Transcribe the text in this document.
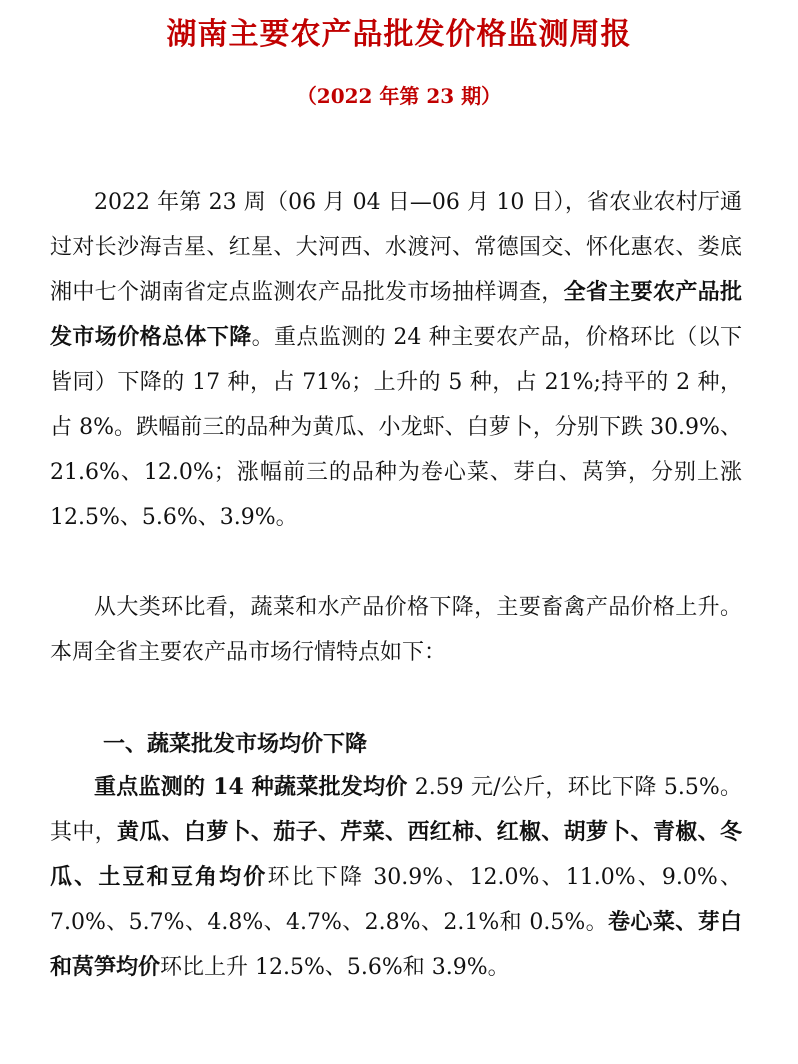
湖南主要农产品批发价格监测周报
（2022 年第 23 期）
2022 年第 23 周（06 月 04 日—06 月 10 日），省农业农村厅通过对长沙海吉星、红星、大河西、水渡河、常德国交、怀化惠农、娄底湘中七个湖南省定点监测农产品批发市场抽样调查，全省主要农产品批发市场价格总体下降。重点监测的 24 种主要农产品，价格环比（以下皆同）下降的 17 种，占 71%；上升的 5 种，占 21%;持平的 2 种，占 8%。跌幅前三的品种为黄瓜、小龙虾、白萝卜，分别下跌 30.9%、21.6%、12.0%；涨幅前三的品种为卷心菜、芽白、莴笋，分别上涨 12.5%、5.6%、3.9%。
从大类环比看，蔬菜和水产品价格下降，主要畜禽产品价格上升。本周全省主要农产品市场行情特点如下：
一、蔬菜批发市场均价下降
重点监测的 14 种蔬菜批发均价 2.59 元/公斤，环比下降 5.5%。其中，黄瓜、白萝卜、茄子、芹菜、西红柿、红椒、胡萝卜、青椒、冬瓜、土豆和豆角均价环比下降 30.9%、12.0%、11.0%、9.0%、7.0%、5.7%、4.8%、4.7%、2.8%、2.1%和 0.5%。卷心菜、芽白和莴笋均价环比上升 12.5%、5.6%和 3.9%。
